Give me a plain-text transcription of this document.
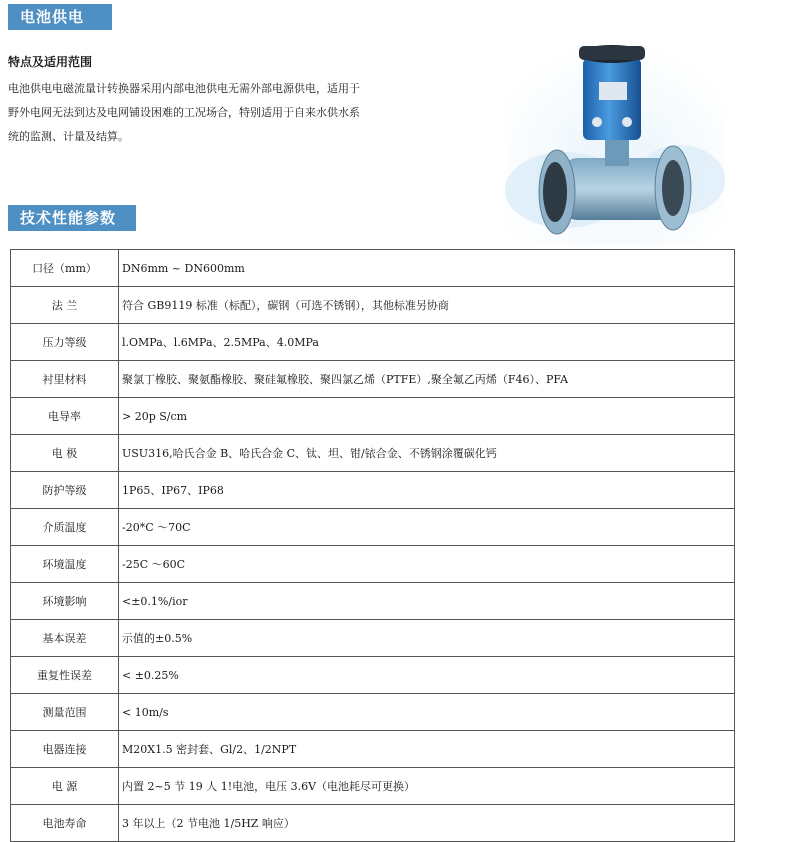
电池供电
特点及适用范围
电池供电电磁流量计转换器采用内部电池供电无需外部电源供电，适用于野外电网无法到达及电网铺设困难的工况场合，特别适用于自来水供水系统的监测、计量及结算。
技术性能参数
口径（mm）	DN6mm ~ DN600mm
法 兰	符合 GB9119 标准（标配），碳钢（可选不锈钢），其他标准另协商
压力等级	l.OMPa、l.6MPa、2.5MPa、4.0MPa
衬里材料	聚氯丁橡胶、聚氨酯橡胶、聚硅氟橡胶、聚四氯乙烯（PTFE）,聚全氟乙丙烯（F46）、PFA
电导率	> 20p S/cm
电 极	USU316,哈氏合金 B、哈氏合金 C、钛、坦、钳/铱合金、不锈钢涂覆碳化钙
防护等级	1P65、IP67、IP68
介质温度	-20*C ～70C
环境温度	-25C ～60C
环境影响	<±0.1%/ior
基本误差	示值的±0.5%
重复性误差	< ±0.25%
测量范围	< 10m/s
电器连接	M20X1.5 密封套、Gl/2、1/2NPT
电 源	内置 2~5 节 19 人 1!电池，电压 3.6V（电池耗尽可更换）
电池寿命	3 年以上（2 节电池 1/5HZ 响应）
